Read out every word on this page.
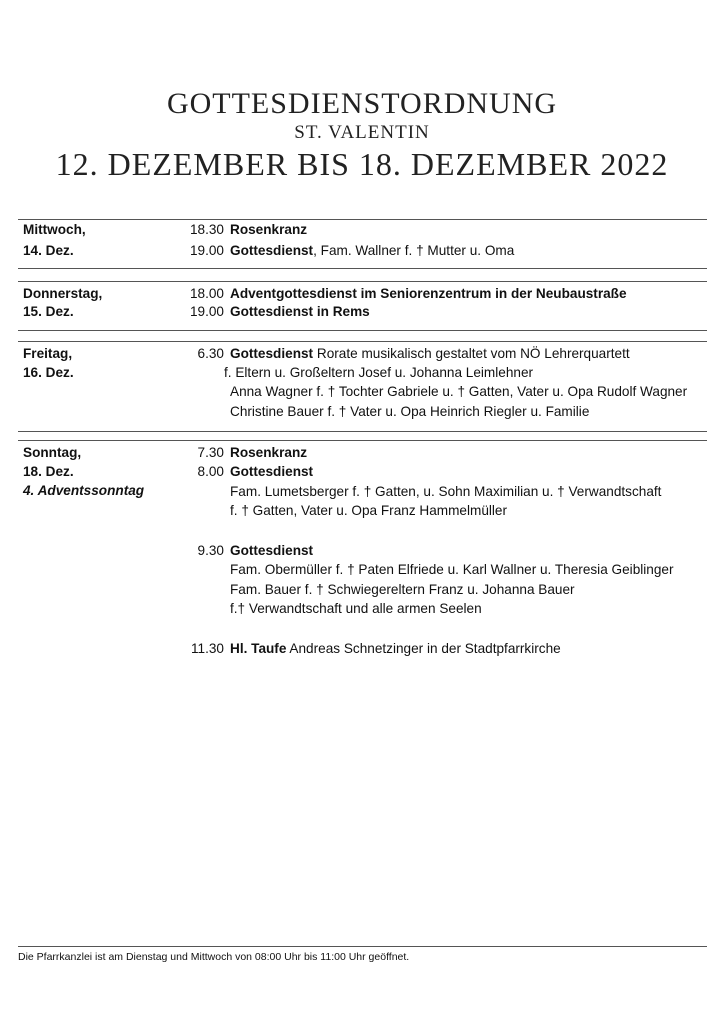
GOTTESDIENSTORDNUNG
ST. VALENTIN
12. DEZEMBER BIS 18. DEZEMBER 2022
Mittwoch,
14. Dez.
18.30 Rosenkranz
19.00 Gottesdienst, Fam. Wallner f. † Mutter u. Oma
Donnerstag,
15. Dez.
18.00 Adventgottesdienst im Seniorenzentrum in der Neubaustraße
19.00 Gottesdienst in Rems
Freitag,
16. Dez.
6.30 Gottesdienst Rorate musikalisch gestaltet vom NÖ Lehrerquartett
f. Eltern u. Großeltern Josef u. Johanna Leimlehner
Anna Wagner f. † Tochter Gabriele u. † Gatten, Vater u. Opa Rudolf Wagner
Christine Bauer f. † Vater u. Opa Heinrich Riegler u. Familie
Sonntag,
18. Dez.
4. Adventssonntag
7.30 Rosenkranz
8.00 Gottesdienst
Fam. Lumetsberger f. † Gatten, u. Sohn Maximilian u. † Verwandtschaft
f. † Gatten, Vater u. Opa Franz Hammelmüller
9.30 Gottesdienst
Fam. Obermüller f. † Paten Elfriede u. Karl Wallner u. Theresia Geiblinger
Fam. Bauer f. † Schwiegereltern Franz u. Johanna Bauer
f.† Verwandtschaft und alle armen Seelen
11.30 Hl. Taufe Andreas Schnetzinger in der Stadtpfarrkirche
Die Pfarrkanzlei ist am Dienstag und Mittwoch von 08:00 Uhr bis 11:00 Uhr geöffnet.
